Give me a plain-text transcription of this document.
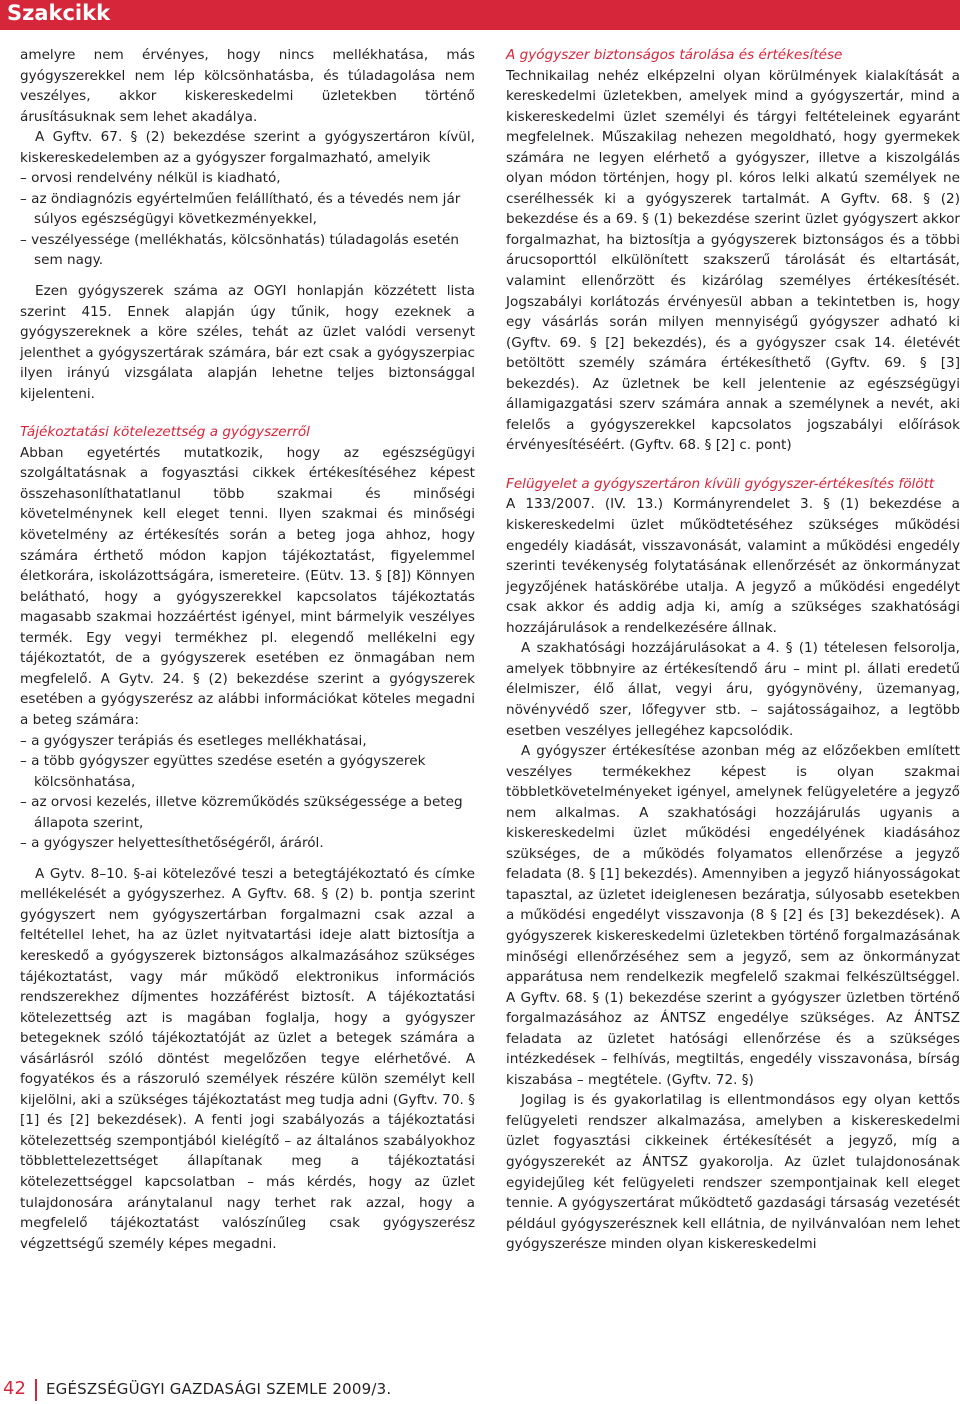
Szakcikk

amelyre nem érvényes, hogy nincs mellékhatása, más gyógyszerekkel nem lép kölcsönhatásba, és túladagolása nem veszélyes, akkor kiskereskedelmi üzletekben történő árusításuknak sem lehet akadálya.

A Gyftv. 67. § (2) bekezdése szerint a gyógyszertáron kívül, kiskereskedelemben az a gyógyszer forgalmazható, amelyik

– orvosi rendelvény nélkül is kiadható,
– az öndiagnózis egyértelműen felállítható, és a tévedés nem jár súlyos egészségügyi következményekkel,
– veszélyessége (mellékhatás, kölcsönhatás) túladagolás esetén sem nagy.

Ezen gyógyszerek száma az OGYI honlapján közzétett lista szerint 415. Ennek alapján úgy tűnik, hogy ezeknek a gyógyszereknek a köre széles, tehát az üzlet valódi versenyt jelenthet a gyógyszertárak számára, bár ezt csak a gyógyszerpiac ilyen irányú vizsgálata alapján lehetne teljes biztonsággal kijelenteni.

Tájékoztatási kötelezettség a gyógyszerről

Abban egyetértés mutatkozik, hogy az egészségügyi szolgáltatásnak a fogyasztási cikkek értékesítéséhez képest összehasonlíthatatlanul több szakmai és minőségi követelménynek kell eleget tenni. Ilyen szakmai és minőségi követelmény az értékesítés során a beteg joga ahhoz, hogy számára érthető módon kapjon tájékoztatást, figyelemmel életkorára, iskolázottságára, ismereteire. (Eütv. 13. § [8]) Könnyen belátható, hogy a gyógyszerekkel kapcsolatos tájékoztatás magasabb szakmai hozzáértést igényel, mint bármelyik veszélyes termék. Egy vegyi termékhez pl. elegendő mellékelni egy tájékoztatót, de a gyógyszerek esetében ez önmagában nem megfelelő. A Gytv. 24. § (2) bekezdése szerint a gyógyszerek esetében a gyógyszerész az alábbi információkat köteles megadni a beteg számára:

– a gyógyszer terápiás és esetleges mellékhatásai,
– a több gyógyszer együttes szedése esetén a gyógyszerek kölcsönhatása,
– az orvosi kezelés, illetve közreműködés szükségessége a beteg állapota szerint,
– a gyógyszer helyettesíthetőségéről, áráról.

A Gytv. 8–10. §-ai kötelezővé teszi a betegtájékoztató és címke mellékelését a gyógyszerhez. A Gyftv. 68. § (2) b. pontja szerint gyógyszert nem gyógyszertárban forgalmazni csak azzal a feltétellel lehet, ha az üzlet nyitvatartási ideje alatt biztosítja a kereskedő a gyógyszerek biztonságos alkalmazásához szükséges tájékoztatást, vagy már működő elektronikus információs rendszerekhez díjmentes hozzáférést biztosít. A tájékoztatási kötelezettség azt is magában foglalja, hogy a gyógyszer betegeknek szóló tájékoztatóját az üzlet a betegek számára a vásárlásról szóló döntést megelőzően tegye elérhetővé. A fogyatékos és a rászoruló személyek részére külön személyt kell kijelölni, aki a szükséges tájékoztatást meg tudja adni (Gyftv. 70. § [1] és [2] bekezdések). A fenti jogi szabályozás a tájékoztatási kötelezettség szempontjából kielégítő – az általános szabályokhoz többlettelezettséget állapítanak meg a tájékoztatási kötelezettséggel kapcsolatban – más kérdés, hogy az üzlet tulajdonosára aránytalanul nagy terhet rak azzal, hogy a megfelelő tájékoztatást valószínűleg csak gyógyszerész végzettségű személy képes megadni.

A gyógyszer biztonságos tárolása és értékesítése

Technikailag nehéz elképzelni olyan körülmények kialakítását a kereskedelmi üzletekben, amelyek mind a gyógyszertár, mind a kiskereskedelmi üzlet személyi és tárgyi feltételeinek egyaránt megfelelnek. Műszakilag nehezen megoldható, hogy gyermekek számára ne legyen elérhető a gyógyszer, illetve a kiszolgálás olyan módon történjen, hogy pl. kóros lelki alkatú személyek ne cserélhessék ki a gyógyszerek tartalmát. A Gyftv. 68. § (2) bekezdése és a 69. § (1) bekezdése szerint üzlet gyógyszert akkor forgalmazhat, ha biztosítja a gyógyszerek biztonságos és a többi árucsoporttól elkülönített szakszerű tárolását és eltartását, valamint ellenőrzött és kizárólag személyes értékesítését. Jogszabályi korlátozás érvényesül abban a tekintetben is, hogy egy vásárlás során milyen mennyiségű gyógyszer adható ki (Gyftv. 69. § [2] bekezdés), és a gyógyszer csak 14. életévét betöltött személy számára értékesíthető (Gyftv. 69. § [3] bekezdés). Az üzletnek be kell jelentenie az egészségügyi államigazgatási szerv számára annak a személynek a nevét, aki felelős a gyógyszerekkel kapcsolatos jogszabályi előírások érvényesítéséért. (Gyftv. 68. § [2] c. pont)

Felügyelet a gyógyszertáron kívüli gyógyszer-értékesítés fölött

A 133/2007. (IV. 13.) Kormányrendelet 3. § (1) bekezdése a kiskereskedelmi üzlet működtetéséhez szükséges működési engedély kiadását, visszavonását, valamint a működési engedély szerinti tevékenység folytatásának ellenőrzését az önkormányzat jegyzőjének hatáskörébe utalja. A jegyző a működési engedélyt csak akkor és addig adja ki, amíg a szükséges szakhatósági hozzájárulások a rendelkezésére állnak.

A szakhatósági hozzájárulásokat a 4. § (1) tételesen felsorolja, amelyek többnyire az értékesítendő áru – mint pl. állati eredetű élelmiszer, élő állat, vegyi áru, gyógynövény, üzemanyag, növényvédő szer, lőfegyver stb. – sajátosságaihoz, a legtöbb esetben veszélyes jellegéhez kapcsolódik.

A gyógyszer értékesítése azonban még az előzőekben említett veszélyes termékekhez képest is olyan szakmai többletkövetelményeket igényel, amelynek felügyeletére a jegyző nem alkalmas. A szakhatósági hozzájárulás ugyanis a kiskereskedelmi üzlet működési engedélyének kiadásához szükséges, de a működés folyamatos ellenőrzése a jegyző feladata (8. § [1] bekezdés). Amennyiben a jegyző hiányosságokat tapasztal, az üzletet ideiglenesen bezáratja, súlyosabb esetekben a működési engedélyt visszavonja (8 § [2] és [3] bekezdések). A gyógyszerek kiskereskedelmi üzletekben történő forgalmazásának minőségi ellenőrzéséhez sem a jegyző, sem az önkormányzat apparátusa nem rendelkezik megfelelő szakmai felkészültséggel. A Gyftv. 68. § (1) bekezdése szerint a gyógyszer üzletben történő forgalmazásához az ÁNTSZ engedélye szükséges. Az ÁNTSZ feladata az üzletet hatósági ellenőrzése és a szükséges intézkedések – felhívás, megtiltás, engedély visszavonása, bírság kiszabása – megtétele. (Gyftv. 72. §)

Jogilag is és gyakorlatilag is ellentmondásos egy olyan kettős felügyeleti rendszer alkalmazása, amelyben a kiskereskedelmi üzlet fogyasztási cikkeinek értékesítését a jegyző, míg a gyógyszerekét az ÁNTSZ gyakorolja. Az üzlet tulajdonosának egyidejűleg két felügyeleti rendszer szempontjainak kell eleget tennie. A gyógyszertárat működtető gazdasági társaság vezetését például gyógyszerésznek kell ellátnia, de nyilvánvalóan nem lehet gyógyszerésze minden olyan kiskereskedelmi

42 EGÉSZSÉGÜGYI GAZDASÁGI SZEMLE 2009/3.
